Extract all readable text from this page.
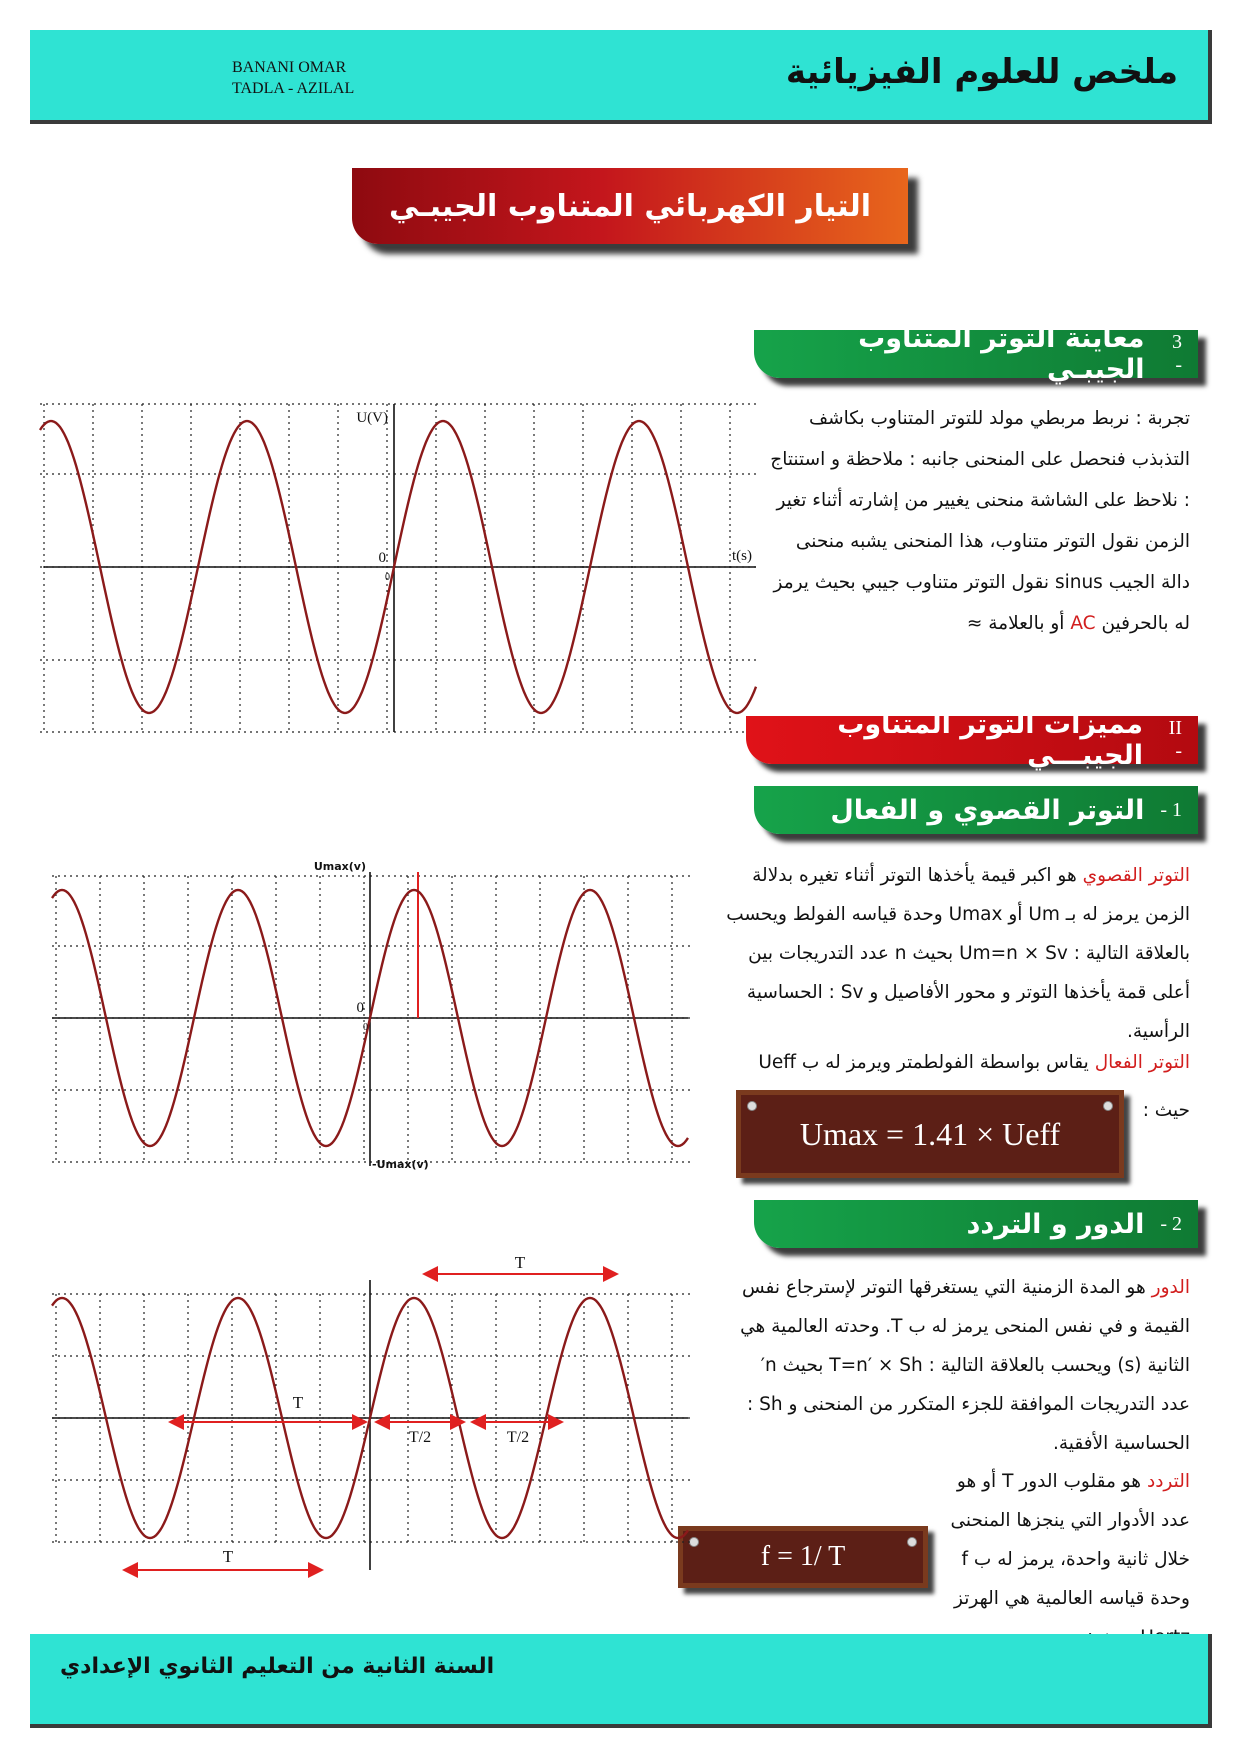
BANANI OMAR
TADLA - AZILAL	ملخص للعلوم الفيزيائية
التيار الكهربائي المتناوب الجيبـي
3 -
معاينة التوتر المتناوب الجيبـي

تجربة : نربط مربطي مولد للتوتر المتناوب بكاشف التذبذب فنحصل على المنحنى جانبه : ملاحظة و استنتاج : نلاحظ على الشاشة منحنى يغيير من إشارته أثناء تغير الزمن نقول التوتر متناوب، هذا المنحنى يشبه منحنى دالة الجيب sinus نقول التوتر متناوب جيبي بحيث يرمز له بالحرفين AC أو بالعلامة ≈

U(V)
t(s)
0
0
II -
مميزات التوتر المتناوب الجيبـــي
1 -
التوتر القصوي و الفعال

التوتر القصوي هو اكبر قيمة يأخذها التوتر أثناء تغيره بدلالة الزمن يرمز له بـ Um أو Umax وحدة قياسه الفولط ويحسب بالعلاقة التالية : Um=n × Sv بحيث n عدد التدريجات بين أعلى قمة يأخذها التوتر و محور الأفاصيل و Sv : الحساسية الرأسية.

التوتر الفعال يقاس بواسطة الفولطمتر ويرمز له ب Ueff

حيث :

Umax = 1.41 × Ueff
Umax(v)
-Umax(v)
0
0
2 -
الدور و التردد

الدور هو المدة الزمنية التي يستغرقها التوتر لإسترجاع نفس القيمة و في نفس المنحى يرمز له ب T. وحدته العالمية هي الثانية (s) ويحسب بالعلاقة التالية : T=n′ × Sh بحيث n′ عدد التدريجات الموافقة للجزء المتكرر من المنحنى و Sh : الحساسية الأفقية.

التردد هو مقلوب الدور T أو هو عدد الأدوار التي ينجزها المنحنى خلال ثانية واحدة، يرمز له ب f وحدة قياسه العالمية هي الهرتز

f = 1/ T
T
T
T/2	T/2
T
السنة الثانية من التعليم الثانوي الإعدادي
